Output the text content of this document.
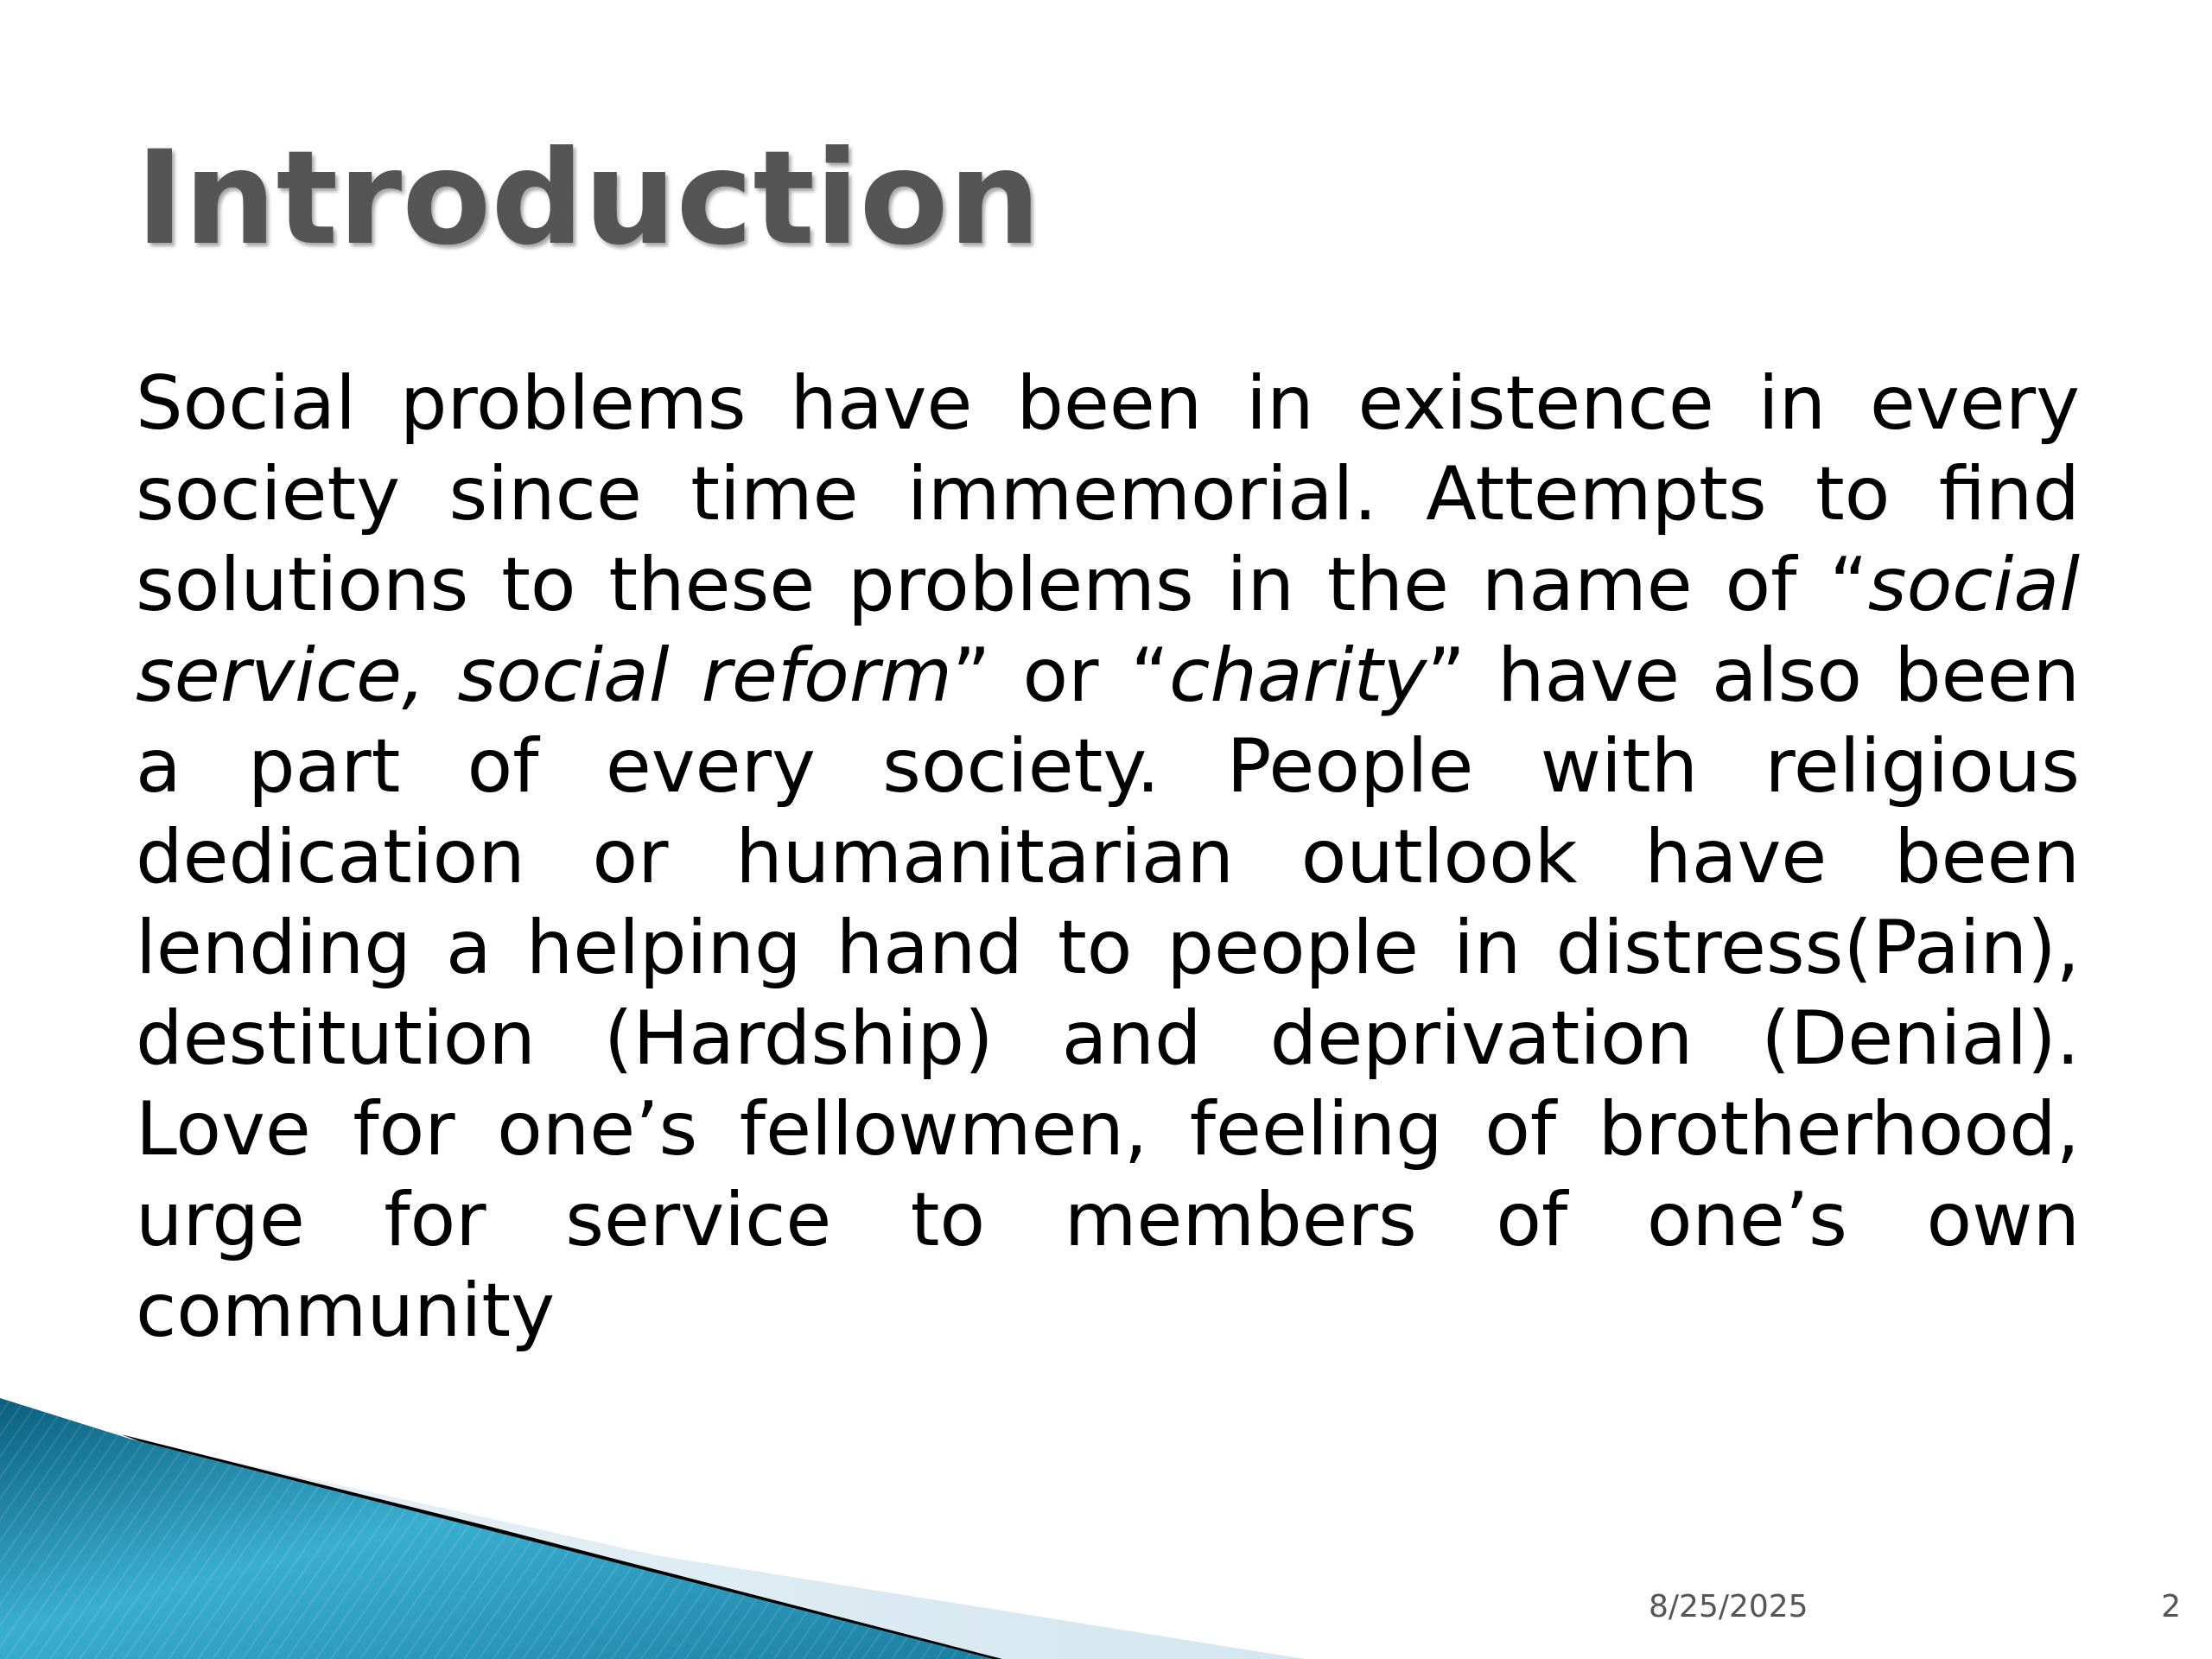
Introduction

Social problems have been in existence in every society since time immemorial. Attempts to find solutions to these problems in the name of “social service, social reform” or “charity” have also been a part of every society. People with religious dedication or humanitarian outlook have been lending a helping hand to people in distress(Pain), destitution (Hardship) and deprivation (Denial). Love for one’s fellowmen, feeling of brotherhood, urge for service to members of one’s own community

8/25/2025	2
